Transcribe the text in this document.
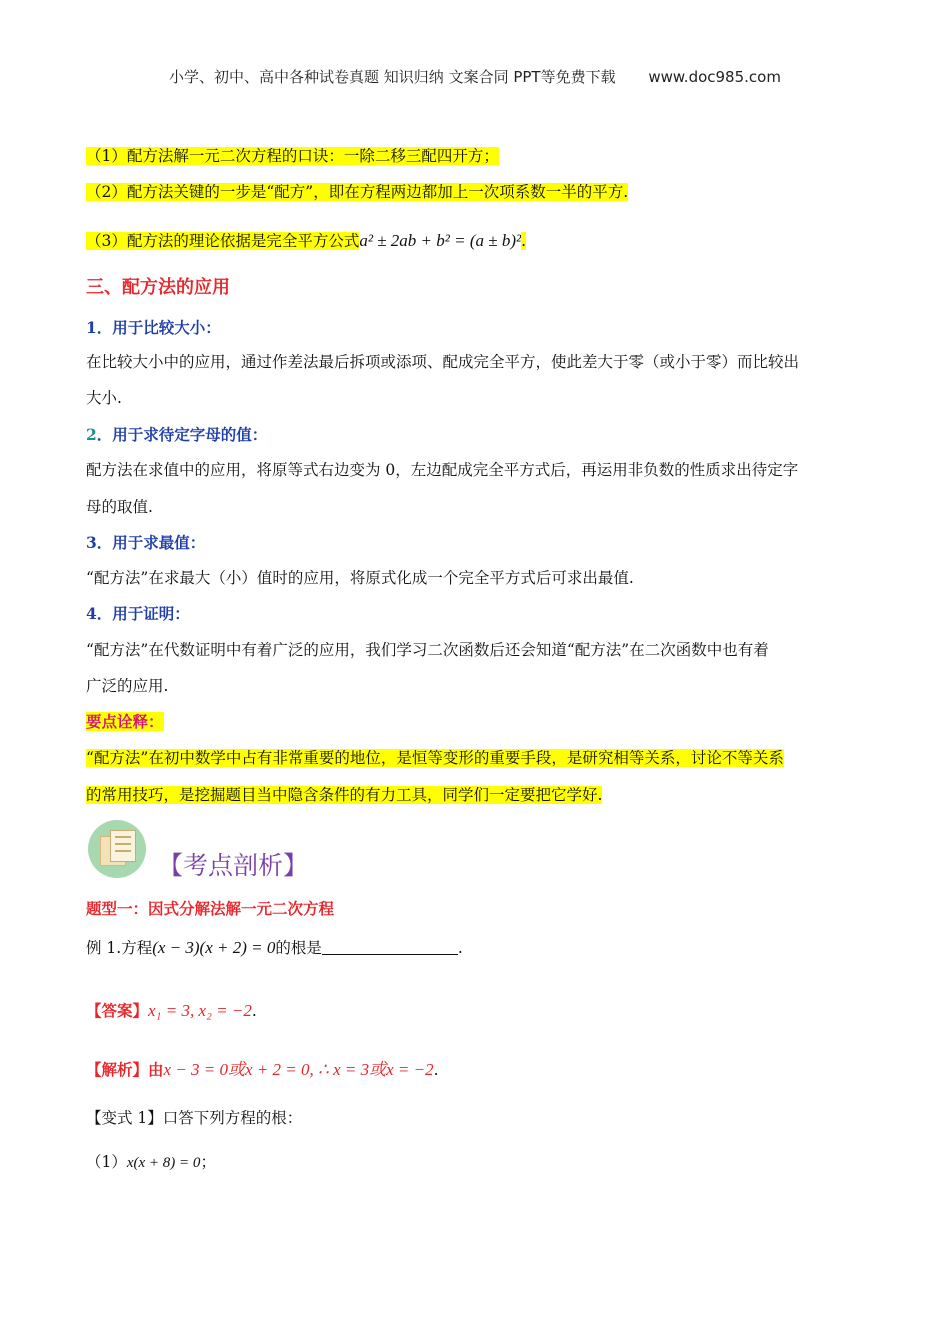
小学、初中、高中各种试卷真题 知识归纳 文案合同 PPT等免费下载 www.doc985.com
（1）配方法解一元二次方程的口诀：一除二移三配四开方；
（2）配方法关键的一步是“配方”，即在方程两边都加上一次项系数一半的平方.
（3）配方法的理论依据是完全平方公式a² ± 2ab + b² = (a ± b)².
三、配方法的应用
1．用于比较大小：
在比较大小中的应用，通过作差法最后拆项或添项、配成完全平方，使此差大于零（或小于零）而比较出
大小.
2．用于求待定字母的值：
配方法在求值中的应用，将原等式右边变为 0，左边配成完全平方式后，再运用非负数的性质求出待定字
母的取值.
3．用于求最值：
“配方法”在求最大（小）值时的应用，将原式化成一个完全平方式后可求出最值.
4．用于证明：
“配方法”在代数证明中有着广泛的应用，我们学习二次函数后还会知道“配方法”在二次函数中也有着
广泛的应用.
要点诠释：
“配方法”在初中数学中占有非常重要的地位，是恒等变形的重要手段，是研究相等关系，讨论不等关系
的常用技巧，是挖掘题目当中隐含条件的有力工具，同学们一定要把它学好.
【考点剖析】
题型一：因式分解法解一元二次方程
例 1.方程(x − 3)(x + 2) = 0的根是	.
【答案】x₁ = 3, x₂ = −2.
【解析】由x − 3 = 0或x + 2 = 0, ∴ x = 3或x = −2.
【变式 1】口答下列方程的根：
（1）x(x + 8) = 0；
